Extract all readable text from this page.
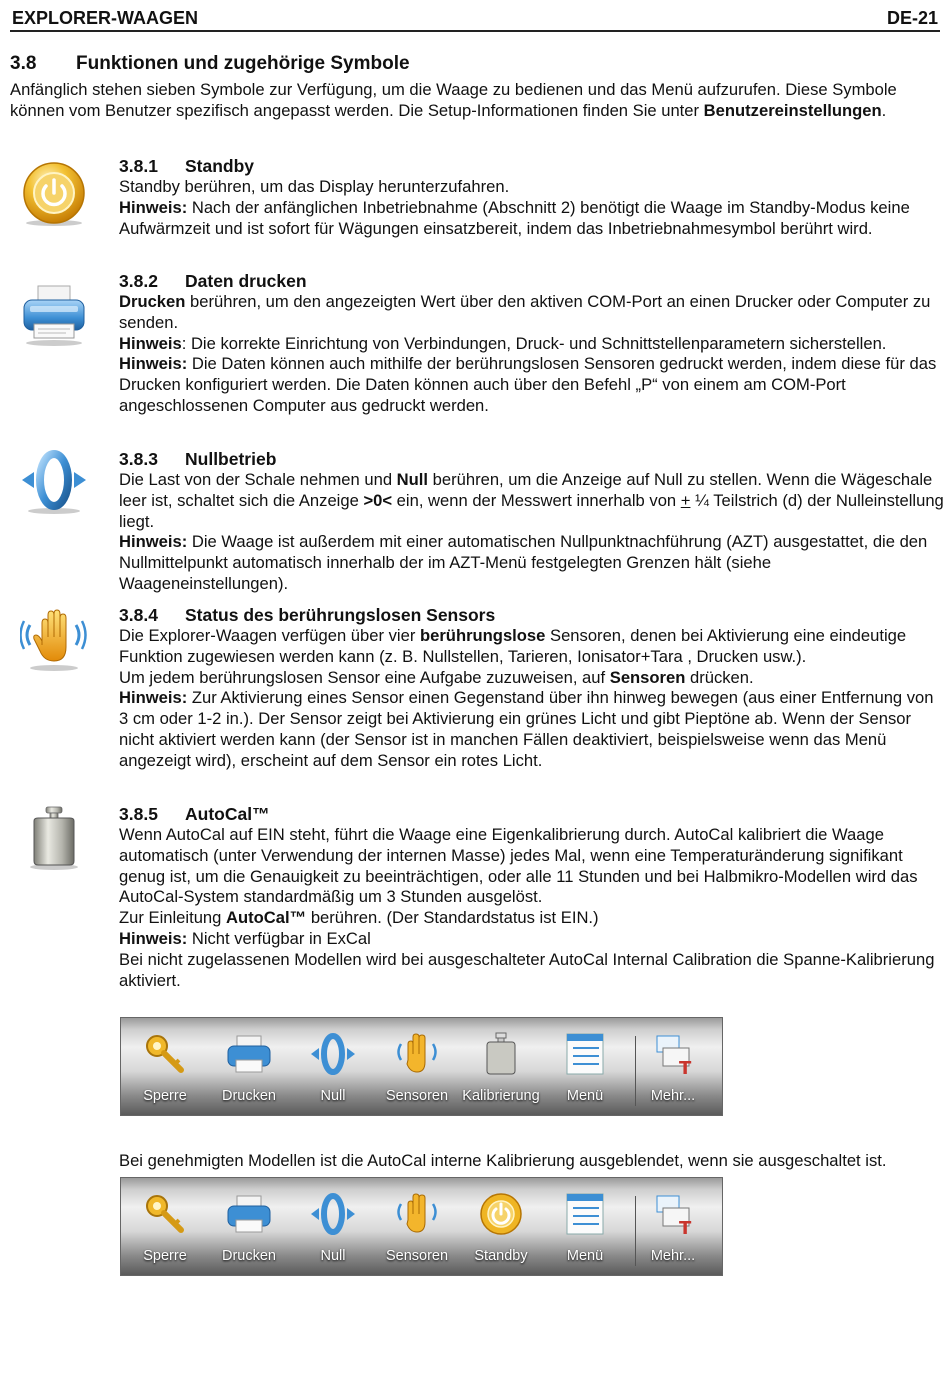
EXPLORER-WAAGEN	DE-21
3.8 Funktionen und zugehörige Symbole
Anfänglich stehen sieben Symbole zur Verfügung, um die Waage zu bedienen und das Menü aufzurufen. Diese Symbole können vom Benutzer spezifisch angepasst werden. Die Setup-Informationen finden Sie unter Benutzereinstellungen.
3.8.1 Standby

Standby berühren, um das Display herunterzufahren.

Hinweis: Nach der anfänglichen Inbetriebnahme (Abschnitt 2) benötigt die Waage im Standby-Modus keine Aufwärmzeit und ist sofort für Wägungen einsatzbereit, indem das Inbetriebnahmesymbol berührt wird.

3.8.2 Daten drucken

Drucken berühren, um den angezeigten Wert über den aktiven COM-Port an einen Drucker oder Computer zu senden.

Hinweis: Die korrekte Einrichtung von Verbindungen, Druck- und Schnittstellenparametern sicherstellen.

Hinweis: Die Daten können auch mithilfe der berührungslosen Sensoren gedruckt werden, indem diese für das Drucken konfiguriert werden. Die Daten können auch über den Befehl „P“ von einem am COM-Port angeschlossenen Computer aus gedruckt werden.

3.8.3 Nullbetrieb

Die Last von der Schale nehmen und Null berühren, um die Anzeige auf Null zu stellen. Wenn die Wägeschale leer ist, schaltet sich die Anzeige >0< ein, wenn der Messwert innerhalb von + ¼ Teilstrich (d) der Nulleinstellung liegt.

Hinweis: Die Waage ist außerdem mit einer automatischen Nullpunktnachführung (AZT) ausgestattet, die den Nullmittelpunkt automatisch innerhalb der im AZT-Menü festgelegten Grenzen hält (siehe Waageneinstellungen).

3.8.4 Status des berührungslosen Sensors

Die Explorer-Waagen verfügen über vier berührungslose Sensoren, denen bei Aktivierung eine eindeutige Funktion zugewiesen werden kann (z. B. Nullstellen, Tarieren, Ionisator+Tara , Drucken usw.).

Um jedem berührungslosen Sensor eine Aufgabe zuzuweisen, auf Sensoren drücken.

Hinweis: Zur Aktivierung eines Sensor einen Gegenstand über ihn hinweg bewegen (aus einer Entfernung von 3 cm oder 1-2 in.). Der Sensor zeigt bei Aktivierung ein grünes Licht und gibt Pieptöne ab. Wenn der Sensor nicht aktiviert werden kann (der Sensor ist in manchen Fällen deaktiviert, beispielsweise wenn das Menü angezeigt wird), erscheint auf dem Sensor ein rotes Licht.

3.8.5 AutoCal™

Wenn AutoCal auf EIN steht, führt die Waage eine Eigenkalibrierung durch. AutoCal kalibriert die Waage automatisch (unter Verwendung der internen Masse) jedes Mal, wenn eine Temperaturänderung signifikant genug ist, um die Genauigkeit zu beeinträchtigen, oder alle 11 Stunden und bei Halbmikro-Modellen wird das AutoCal-System standardmäßig um 3 Stunden ausgelöst.

Zur Einleitung AutoCal™ berühren. (Der Standardstatus ist EIN.)

Hinweis: Nicht verfügbar in ExCal

Bei nicht zugelassenen Modellen wird bei ausgeschalteter AutoCal Internal Calibration die Spanne-Kalibrierung aktiviert.

Sperre	Drucken	Null	Sensoren Kalibrierung	Menü
T
Mehr...

Bei genehmigten Modellen ist die AutoCal interne Kalibrierung ausgeblendet, wenn sie ausgeschaltet ist.

Sperre	Drucken	Null	Sensoren	Standby	Menü
T
Mehr...
